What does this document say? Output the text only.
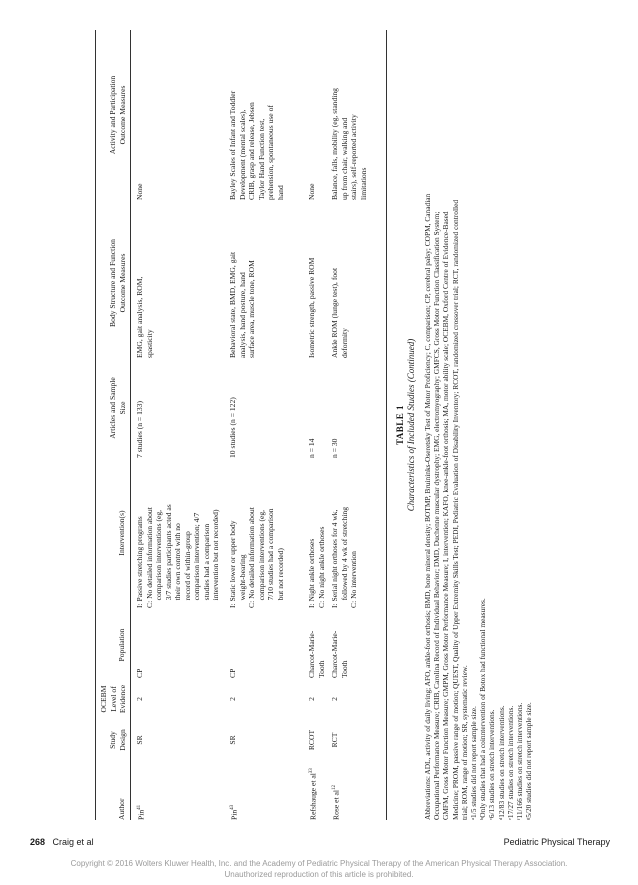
Author
Study Design
OCEBM Level of Evidence
Population
Intervention(s)
Articles and Sample Size
Body Structure and Function Outcome Measures
Activity and Participation Outcome Measures
Pin$^{41}$
SR
2
CP
I: Passive stretching programs C: No detailed information about comparison interventions (eg, 3/7 studies participants acted as their own control with no record of within-group comparison intervention; 4/7 studies had a comparison intervention but not recorded)
7 studies (n = 133)
EMG, gait analysis, ROM, spasticity
None
Pin$^{43}$
SR
2
CP
I: Static lower or upper body weight-bearing C: No detailed information about comparison interventions (eg, 7/10 studies had a comparison but not recorded)
10 studies (n = 122)
Behavioral state, BMD, EMG, gait analysis, hand posture, hand surface area, muscle tone, ROM
Bayley Scales of Infant and Toddler Development (mental scales), CRIB, grasp and release, Jebsen Taylor Hand Function test, prehension, spontaneous use of hand
Refshauge et $al^{33}$
RCOT
2
Charcot-Marie- Tooth
I: Night ankle orthoses C: No night ankle orthoses
n = 14
Isometric strength, passive ROM
None
Rose et $al^{12}$
RCT
2
Charcot-Marie- Tooth
I: Serial night orthoses for 4 wk, followed by 4 wk of stretching C: No intervention
n = 30
Ankle ROM (lunge test), foot deformity
Balance, falls, mobility (eg, standing up from chair, walking and stairs), self-reported activity limitations
TABLE 1 Characteristics of Included Studies (Continued) Abbreviations: ADL, activity of daily living; AFO, ankle-foot orthosis; BMD, bone mineral density; BOTMP, Bruininks-Oseretsky Test of Motor Proficiency; C, comparison; CP, cerebral palsy; COPM, Canadian Occupational Performance Measure; CRIB, Carolina Record of Individual Behavior; DMD, Duchenne muscular dystrophy; EMG, electromyography; GMFCS, Gross Motor Function Classification System; GMFM, Gross Motor Function Measure; GMPM, Gross Motor Performance Measure; I, intervention; KAFO, knee-ankle-foot orthosis; MA, motor ability scale; OCEBM, Oxford Centre of Evidence-Based Medicine; PROM, passive range of motion; QUEST, Quality of Upper Extremity Skills Test; PEDI, Pediatric Evaluation of Disability Inventory; RCOT, randomized crossover trial; RCT, randomized controlled trial; ROM, range of motion; SR, systematic review. ᵃ1/5 studies did not report sample size. ᵇOnly studies that had a coinntervention of Botox had functional measures. ᶜ6/13 studies on stretch interventions. ᵈ12/83 studies on stretch interventions. ᵉ17/27 studies on stretch interventions. ᶠ11/166 studies on stretch interventions. ᵍ5/20 studies did not report sample size.
268 Craig et al	Pediatric Physical Therapy
Copyright © 2016 Wolters Kluwer Health, Inc. and the Academy of Pediatric Physical Therapy of the American Physical Therapy Association.
Unauthorized reproduction of this article is prohibited.
